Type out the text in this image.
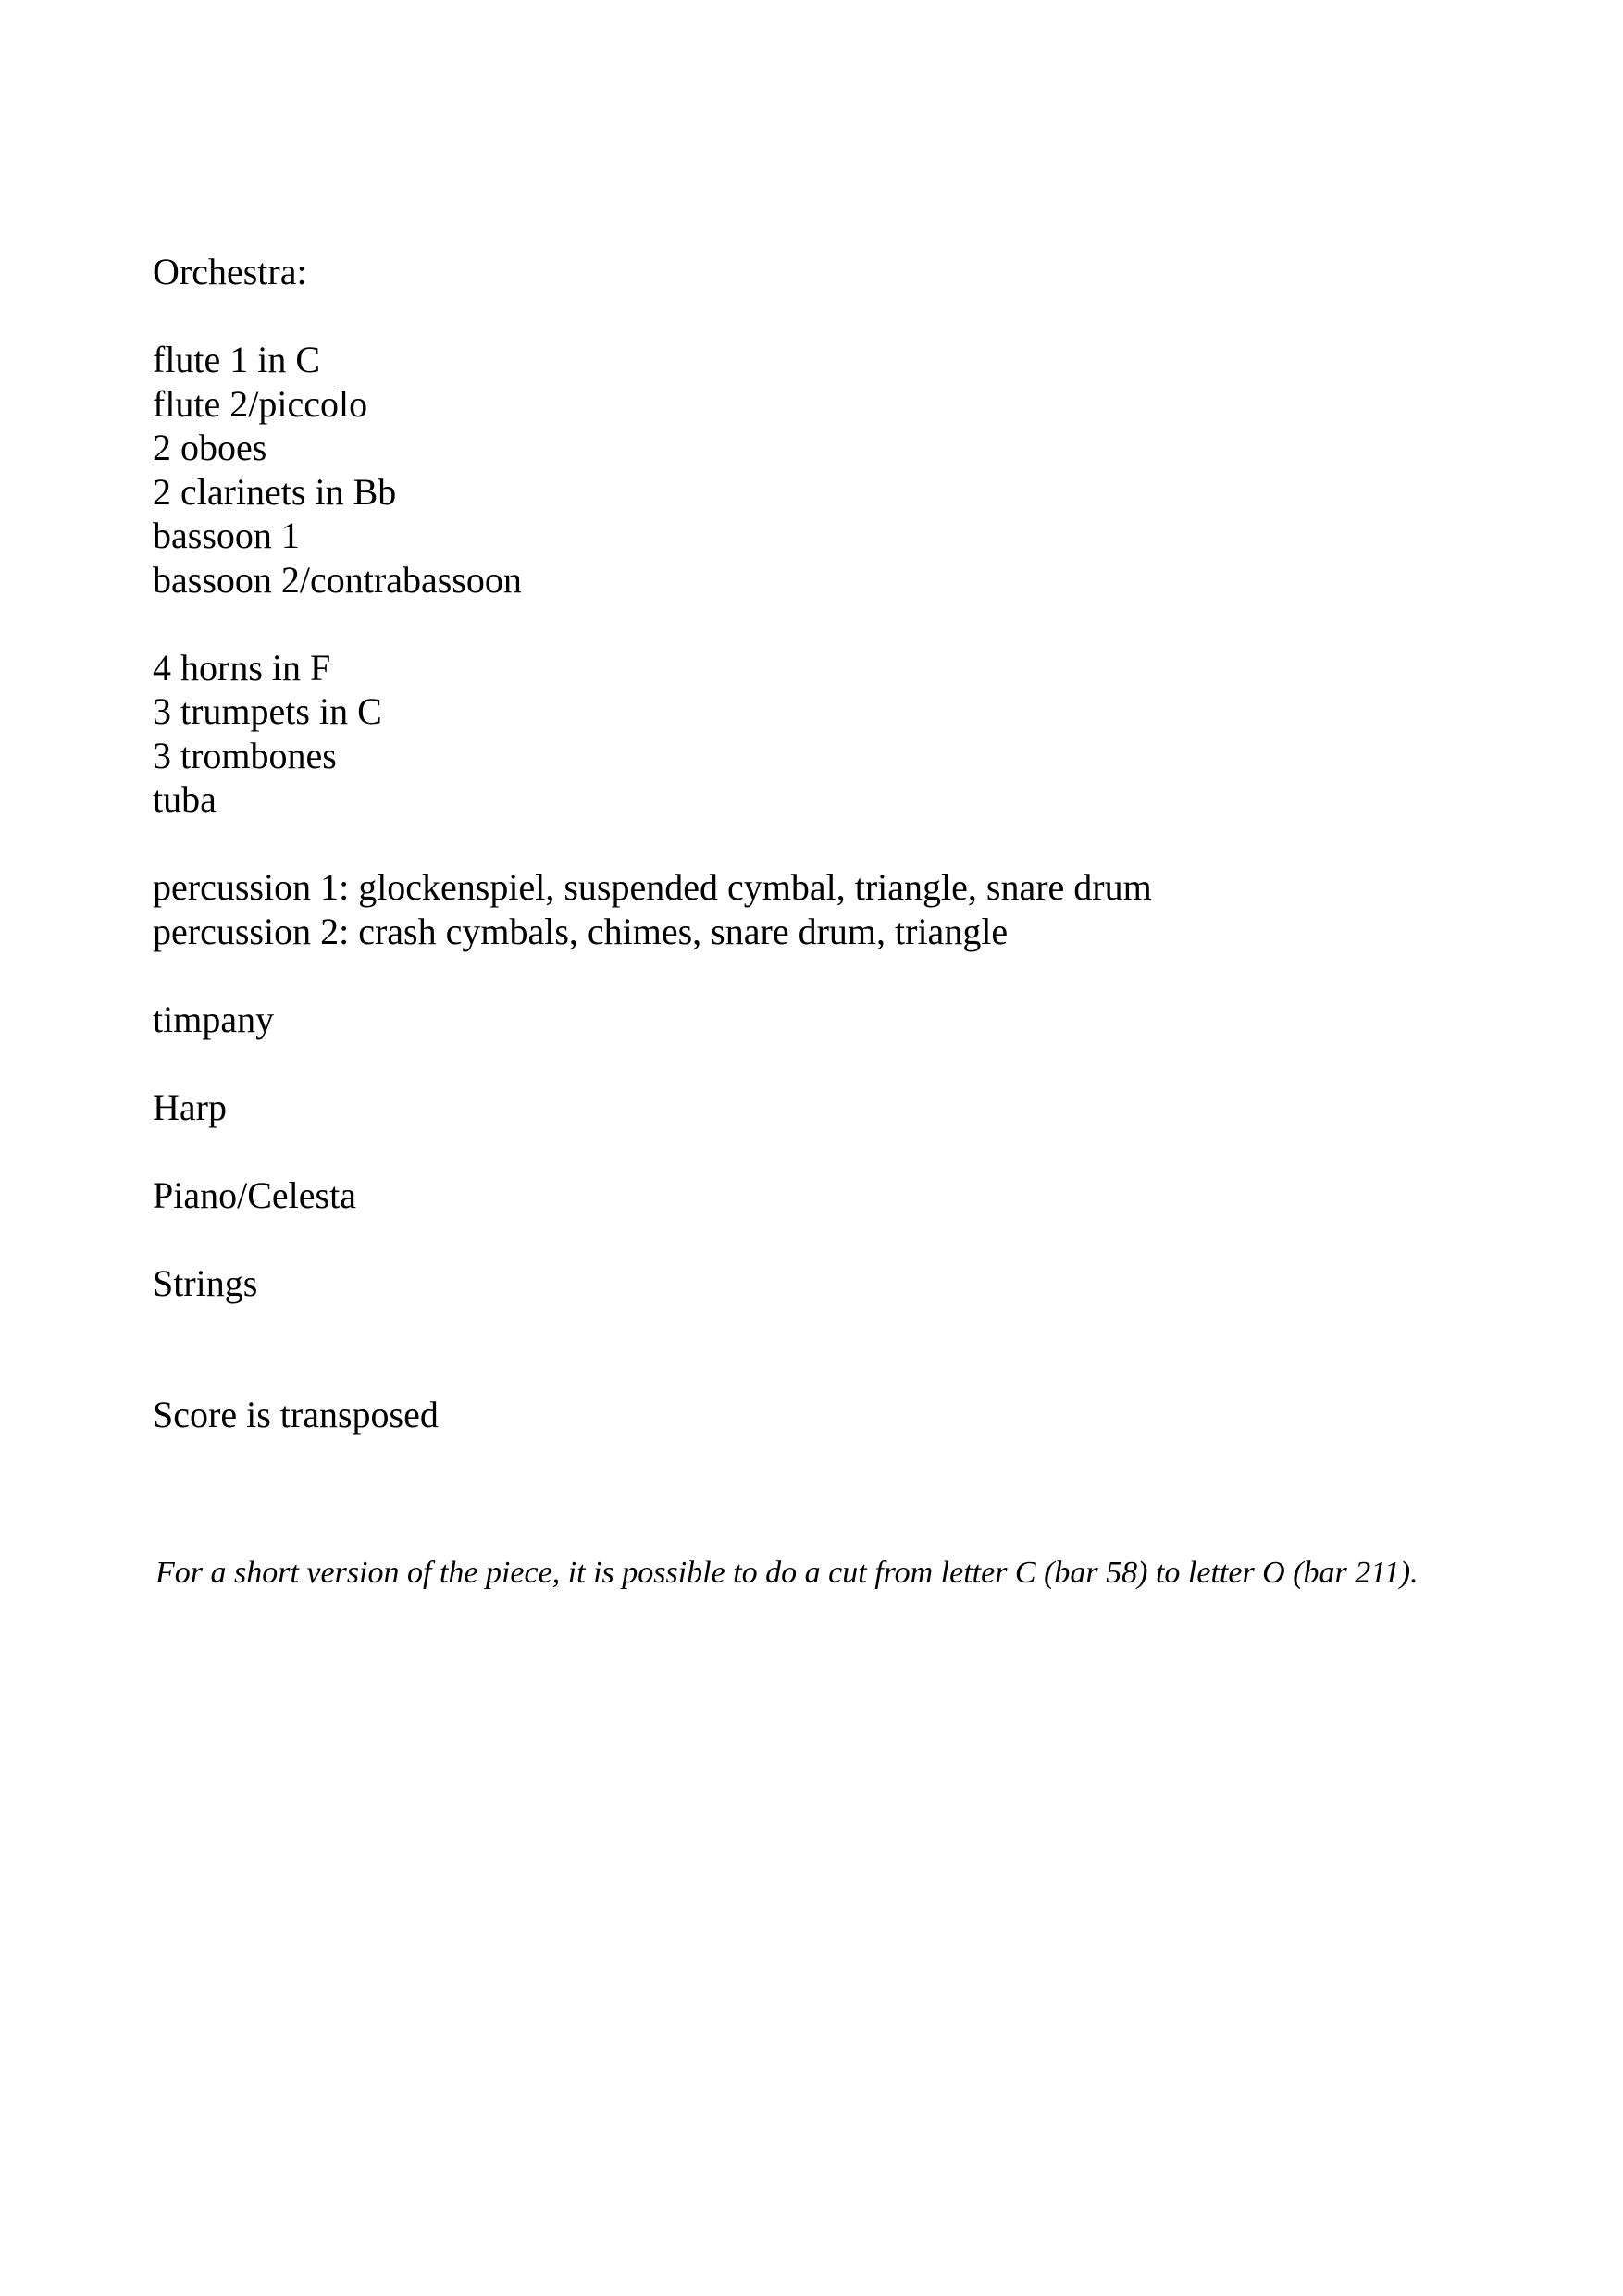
Orchestra:
flute 1 in C
flute 2/piccolo
2 oboes
2 clarinets in Bb
bassoon 1
bassoon 2/contrabassoon
4 horns in F
3 trumpets in C
3 trombones
tuba
percussion 1: glockenspiel, suspended cymbal, triangle, snare drum
percussion 2: crash cymbals, chimes, snare drum, triangle
timpany
Harp
Piano/Celesta
Strings
Score is transposed
For a short version of the piece, it is possible to do a cut from letter C (bar 58) to letter O (bar 211).
